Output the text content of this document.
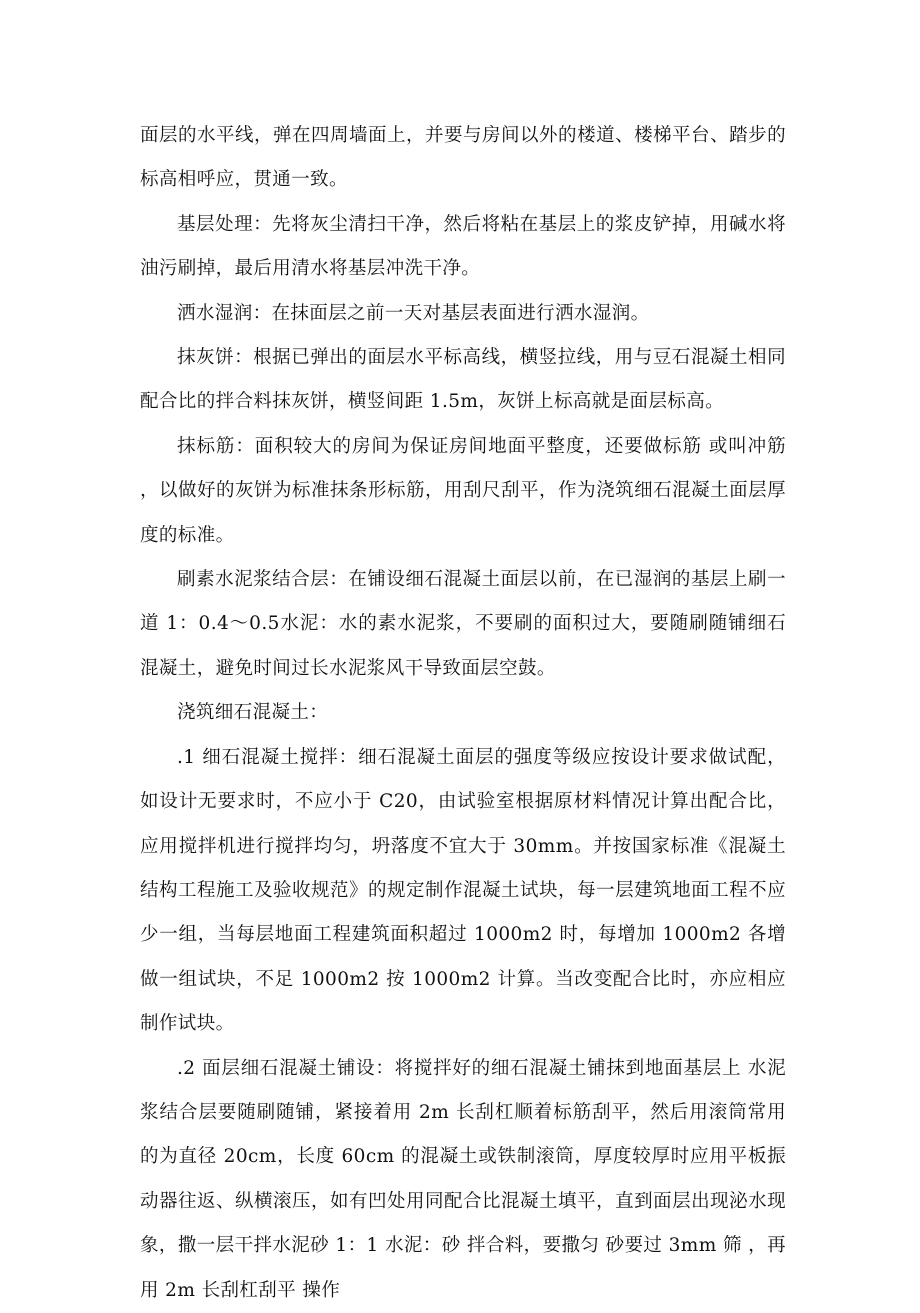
面层的水平线，弹在四周墙面上，并要与房间以外的楼道、楼梯平台、踏步的标高相呼应，贯通一致。

基层处理：先将灰尘清扫干净，然后将粘在基层上的浆皮铲掉，用碱水将油污刷掉，最后用清水将基层冲洗干净。

洒水湿润：在抹面层之前一天对基层表面进行洒水湿润。

抹灰饼：根据已弹出的面层水平标高线，横竖拉线，用与豆石混凝土相同配合比的拌合料抹灰饼，横竖间距 1.5m，灰饼上标高就是面层标高。

抹标筋：面积较大的房间为保证房间地面平整度，还要做标筋 或叫冲筋 ，以做好的灰饼为标准抹条形标筋，用刮尺刮平，作为浇筑细石混凝土面层厚度的标准。

刷素水泥浆结合层：在铺设细石混凝土面层以前，在已湿润的基层上刷一道 1：0.4～0.5水泥：水的素水泥浆，不要刷的面积过大，要随刷随铺细石混凝土，避免时间过长水泥浆风干导致面层空鼓。

浇筑细石混凝土：

.1 细石混凝土搅拌：细石混凝土面层的强度等级应按设计要求做试配，如设计无要求时，不应小于 C20，由试验室根据原材料情况计算出配合比，应用搅拌机进行搅拌均匀，坍落度不宜大于 30mm。并按国家标准《混凝土结构工程施工及验收规范》的规定制作混凝土试块，每一层建筑地面工程不应少一组，当每层地面工程建筑面积超过 1000m2 时，每增加 1000m2 各增做一组试块，不足 1000m2 按 1000m2 计算。当改变配合比时，亦应相应制作试块。

.2 面层细石混凝土铺设：将搅拌好的细石混凝土铺抹到地面基层上 水泥浆结合层要随刷随铺，紧接着用 2m 长刮杠顺着标筋刮平，然后用滚筒常用的为直径 20cm，长度 60cm 的混凝土或铁制滚筒，厚度较厚时应用平板振动器往返、纵横滚压，如有凹处用同配合比混凝土填平，直到面层出现泌水现象，撒一层干拌水泥砂 1：1 水泥：砂 拌合料，要撒匀 砂要过 3mm 筛 ，再用 2m 长刮杠刮平 操作
